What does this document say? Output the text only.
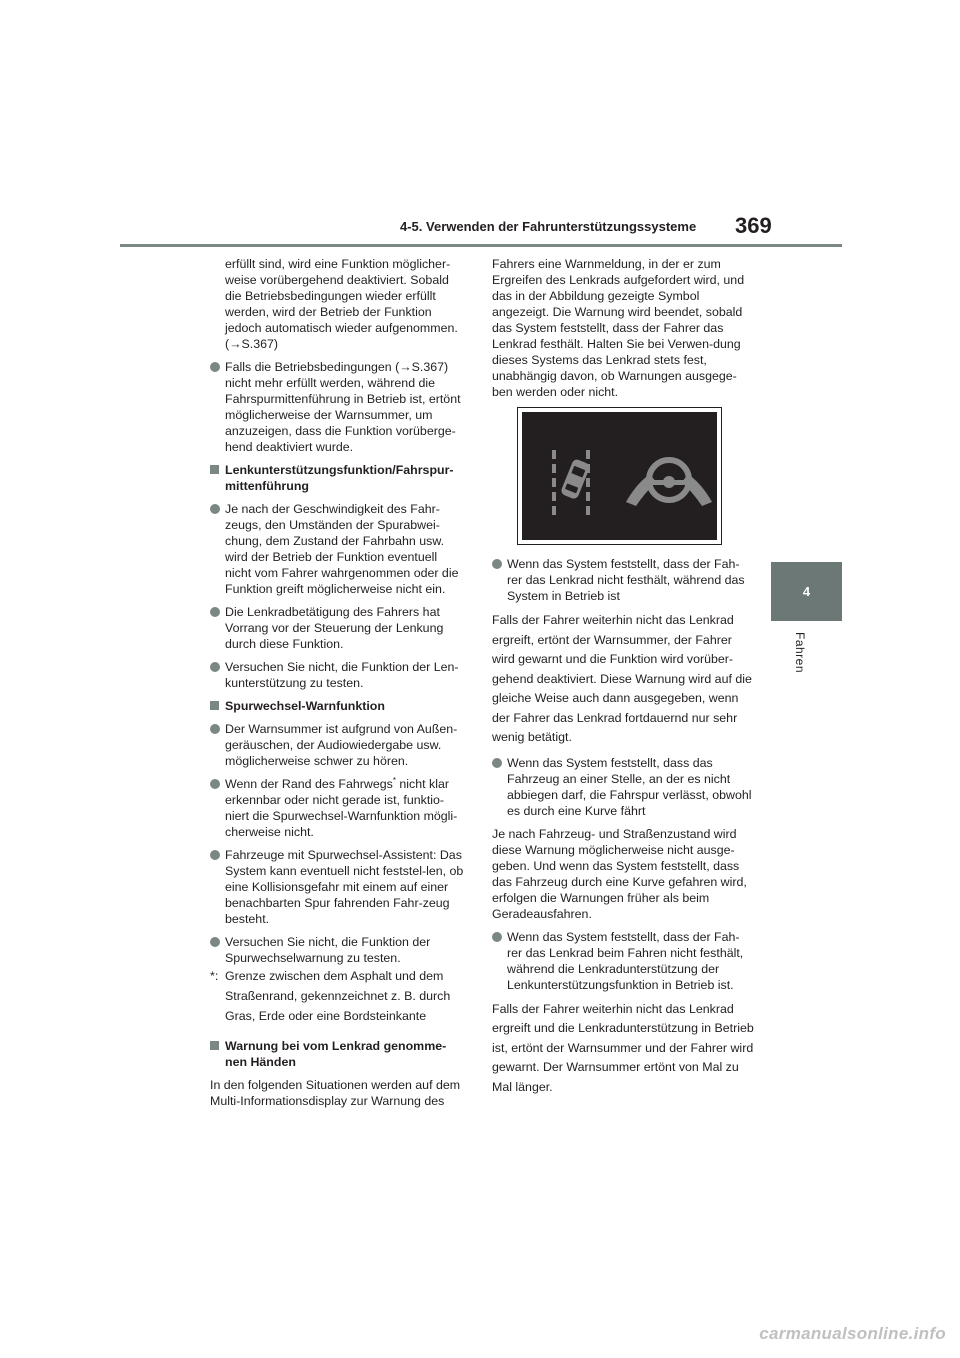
4-5. Verwenden der Fahrunterstützungssysteme 369
4
Fahren

erfüllt sind, wird eine Funktion möglicher-weise vorübergehend deaktiviert. Sobald die Betriebsbedingungen wieder erfüllt werden, wird der Betrieb der Funktion jedoch automatisch wieder aufgenommen. (→S.367)

Falls die Betriebsbedingungen (→S.367) nicht mehr erfüllt werden, während die Fahrspurmittenführung in Betrieb ist, ertönt möglicherweise der Warnsummer, um anzuzeigen, dass die Funktion vorüberge-hend deaktiviert wurde.

Lenkunterstützungsfunktion/Fahrspur-mittenführung

Je nach der Geschwindigkeit des Fahr-zeugs, den Umständen der Spurabwei-chung, dem Zustand der Fahrbahn usw. wird der Betrieb der Funktion eventuell nicht vom Fahrer wahrgenommen oder die Funktion greift möglicherweise nicht ein.

Die Lenkradbetätigung des Fahrers hat Vorrang vor der Steuerung der Lenkung durch diese Funktion.

Versuchen Sie nicht, die Funktion der Len-kunterstützung zu testen.

Spurwechsel-Warnfunktion

Der Warnsummer ist aufgrund von Außen-geräuschen, der Audiowiedergabe usw. möglicherweise schwer zu hören.

Wenn der Rand des Fahrwegs* nicht klar erkennbar oder nicht gerade ist, funktio-niert die Spurwechsel-Warnfunktion mögli-cherweise nicht.

Fahrzeuge mit Spurwechsel-Assistent: Das System kann eventuell nicht feststel-len, ob eine Kollisionsgefahr mit einem auf einer benachbarten Spur fahrenden Fahr-zeug besteht.

Versuchen Sie nicht, die Funktion der Spurwechselwarnung zu testen.

*: Grenze zwischen dem Asphalt und dem Straßenrand, gekennzeichnet z. B. durch Gras, Erde oder eine Bordsteinkante

Warnung bei vom Lenkrad genomme-nen Händen

In den folgenden Situationen werden auf dem Multi-Informationsdisplay zur Warnung des

Fahrers eine Warnmeldung, in der er zum Ergreifen des Lenkrads aufgefordert wird, und das in der Abbildung gezeigte Symbol angezeigt. Die Warnung wird beendet, sobald das System feststellt, dass der Fahrer das Lenkrad festhält. Halten Sie bei Verwen-dung dieses Systems das Lenkrad stets fest, unabhängig davon, ob Warnungen ausgege-ben werden oder nicht.

Wenn das System feststellt, dass der Fah-rer das Lenkrad nicht festhält, während das System in Betrieb ist

Falls der Fahrer weiterhin nicht das Lenkrad ergreift, ertönt der Warnsummer, der Fahrer wird gewarnt und die Funktion wird vorüber-gehend deaktiviert. Diese Warnung wird auf die gleiche Weise auch dann ausgegeben, wenn der Fahrer das Lenkrad fortdauernd nur sehr wenig betätigt.

Wenn das System feststellt, dass das Fahrzeug an einer Stelle, an der es nicht abbiegen darf, die Fahrspur verlässt, obwohl es durch eine Kurve fährt

Je nach Fahrzeug- und Straßenzustand wird diese Warnung möglicherweise nicht ausge-geben. Und wenn das System feststellt, dass das Fahrzeug durch eine Kurve gefahren wird, erfolgen die Warnungen früher als beim Geradeausfahren.

Wenn das System feststellt, dass der Fah-rer das Lenkrad beim Fahren nicht festhält, während die Lenkradunterstützung der Lenkunterstützungsfunktion in Betrieb ist.

Falls der Fahrer weiterhin nicht das Lenkrad ergreift und die Lenkradunterstützung in Betrieb ist, ertönt der Warnsummer und der Fahrer wird gewarnt. Der Warnsummer ertönt von Mal zu Mal länger.

carmanualsonline.info
